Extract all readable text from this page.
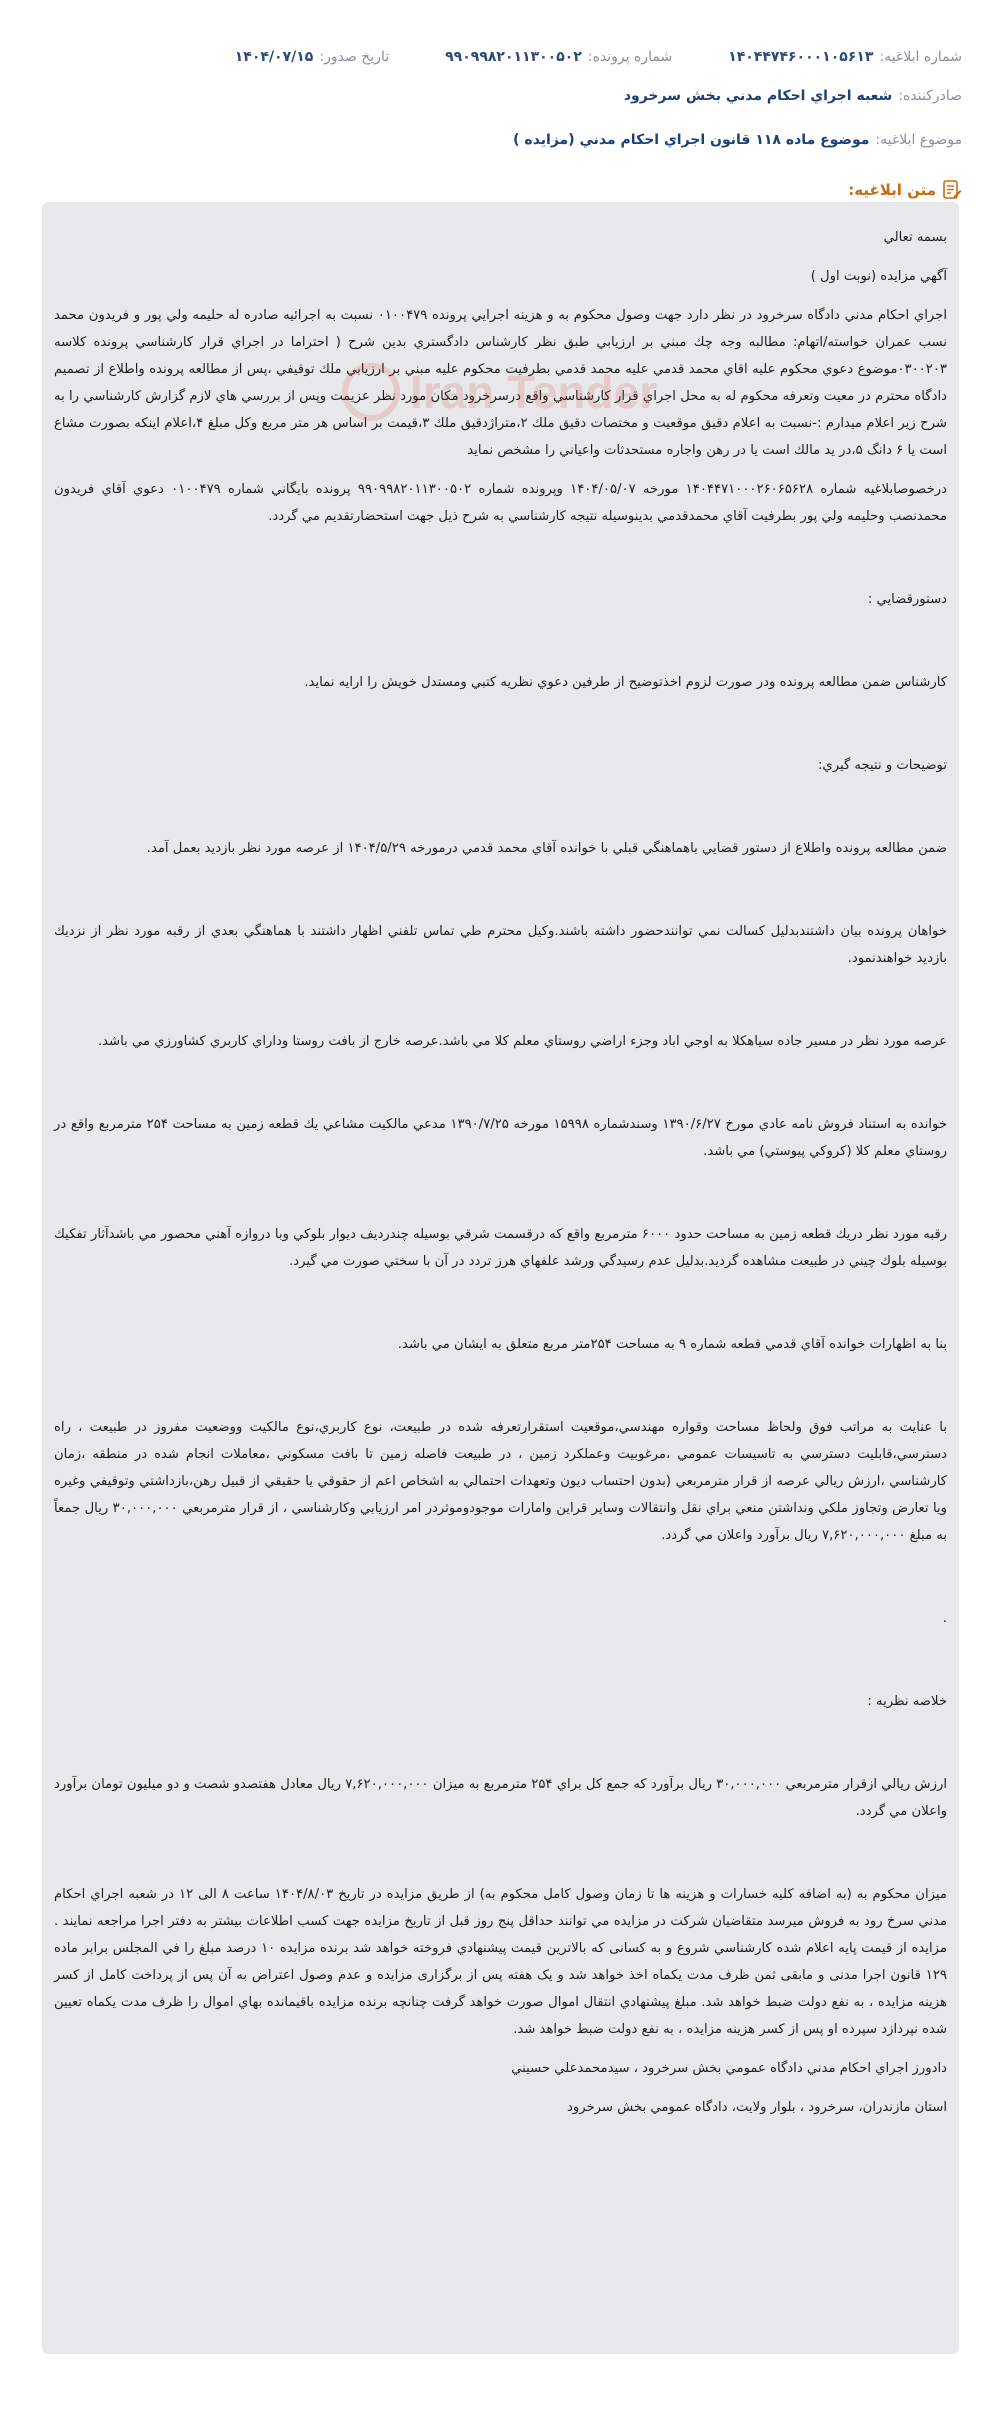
شماره ابلاغیه:
۱۴۰۴۴۷۴۶۰۰۰۱۰۵۶۱۳
شماره پرونده:
۹۹۰۹۹۸۲۰۱۱۳۰۰۵۰۲
تاریخ صدور:
۱۴۰۴/۰۷/۱۵
صادرکننده:
شعبه اجراي احكام مدني بخش سرخرود
موضوع ابلاغیه:
موضوع ماده ۱۱۸ قانون اجراي احكام مدني (مزايده )
متن ابلاغیه:
Iran Tender

بسمه تعالي

آگهي مزايده (نوبت اول )

اجراي احكام مدني دادگاه سرخرود در نظر دارد جهت وصول محكوم به و هزينه اجرايي پرونده ۰۱۰۰۴۷۹ نسبت به اجرائيه صادره له حليمه ولي پور و فريدون محمد نسب عمران خواسته/اتهام: مطالبه وجه چك مبني بر ارزيابي طبق نظر كارشناس دادگستري بدين شرح ( احتراما در اجراي قرار كارشناسي پرونده كلاسه ۰۳۰۰۲۰۳موضوع دعوي محكوم عليه اقاي محمد قدمي عليه محمد قدمي بطرفيت محكوم عليه مبني بر ارزيابي ملك توقيفي ،پس از مطالعه پرونده واطلاع از تصميم دادگاه محترم در معيت وتعرفه محكوم له به محل اجراي قرار كارشناسي واقع درسرخرود مكان مورد نظر عزيمت وپس از بررسي هاي لازم گزارش كارشناسي را به شرح زير اعلام ميدارم :-نسبت به اعلام دقيق موقعيت و مختصات دقيق ملك ۲،متراژدقيق ملك ۳،قيمت بر اساس هر متر مربع وكل مبلغ ۴،اعلام اينكه بصورت مشاع است يا ۶ دانگ ۵،در يد مالك است يا در رهن واجاره مستحدثات واعياني را مشخص نمايد

درخصوصابلاغيه شماره ۱۴۰۴۴۷۱۰۰۰۲۶۰۶۵۶۲۸ مورخه ۱۴۰۴/۰۵/۰۷ وپرونده شماره ۹۹۰۹۹۸۲۰۱۱۳۰۰۵۰۲ پرونده بايگاني شماره ۰۱۰۰۴۷۹ دعوي آقاي فريدون محمدنصب وحليمه ولي پور بطرفيت آقاي محمدقدمي بدينوسيله نتيجه كارشناسي به شرح ذيل جهت استحضارتقديم مي گردد.

دستورقضايي :

كارشناس ضمن مطالعه پرونده ودر صورت لزوم اخذتوضيح از طرفين دعوي نظريه كتبي ومستدل خويش را ارايه نمايد.

توضيحات و نتيجه گيري:

ضمن مطالعه پرونده واطلاع از دستور قضايي باهماهنگي قبلي با خوانده آقاي محمد قدمي درمورخه ۱۴۰۴/۵/۲۹ از عرصه مورد نظر بازديد بعمل آمد.

خواهان پرونده بيان داشتندبدليل كسالت نمي توانندحضور داشته باشند.وكيل محترم طي تماس تلفني اظهار داشتند با هماهنگي بعدي از رقبه مورد نظر از نزديك بازديد خواهندنمود.

عرصه مورد نظر در مسير جاده سياهكلا به اوجي اباد وجزء اراضي روستاي معلم كلا مي باشد.عرصه خارج از بافت روستا وداراي كاربري كشاورزي مي باشد.

خوانده به استناد فروش نامه عادي مورخ ۱۳۹۰/۶/۲۷ وسندشماره ۱۵۹۹۸ مورخه ۱۳۹۰/۷/۲۵ مدعي مالكيت مشاعي يك قطعه زمين به مساحت ۲۵۴ مترمربع واقع در روستاي معلم كلا (كروكي پيوستي) مي باشد.

رقبه مورد نظر دريك قطعه زمين به مساحت حدود ۶۰۰۰ مترمربع واقع كه درقسمت شرقي بوسيله چندرديف ديوار بلوكي وبا دروازه آهني محصور مي باشدآثار تفكيك بوسيله بلوك چيني در طبيعت مشاهده گرديد.بدليل عدم رسيدگي ورشد علفهاي هرز تردد در آن با سختي صورت مي گيرد.

بنا به اظهارات خوانده آقاي قدمي قطعه شماره ۹ به مساحت ۲۵۴متر مربع متعلق به ايشان مي باشد.

با عنايت به مراتب فوق ولحاظ مساحت وقواره مهندسي،موقعيت استقرارتعرفه شده در طبيعت، نوع كاربري،نوع مالكيت ووضعيت مفروز در طبيعت ، راه دسترسي،قابليت دسترسي به تاسيسات عمومي ،مرغوبيت وعملكرد زمين ، در طبيعت فاصله زمين تا بافت مسكوني ،معاملات انجام شده در منطقه ،زمان كارشناسي ،ارزش ريالي عرصه از قرار مترمربعي (بدون احتساب ديون وتعهدات احتمالي به اشخاص اعم از حقوقي يا حقيقي از قبيل رهن،بازداشتي وتوقيفي وغيره ويا تعارض وتجاوز ملكي ونداشتن منعي براي نقل وانتقالات وساير قراين وامارات موجودوموثردر امر ارزيابي وكارشناسي ، از قرار مترمربعي ۳۰,۰۰۰,۰۰۰ ريال جمعاً به مبلغ ۷,۶۲۰,۰۰۰,۰۰۰ ريال برآورد واعلان مي گردد.

.

خلاصه نظريه :

ارزش ريالي ازقرار مترمربعي ۳۰,۰۰۰,۰۰۰ ريال برآورد كه جمع كل براي ۲۵۴ مترمربع به ميزان ۷,۶۲۰,۰۰۰,۰۰۰ ريال معادل هفتصدو شصت و دو ميليون تومان برآورد واعلان مي گردد.

ميزان محكوم به (به اضافه كليه خسارات و هزينه ها تا زمان وصول كامل محكوم به) از طريق مزايده در تاريخ ۱۴۰۴/۸/۰۳ ساعت ۸ الی ۱۲ در شعبه اجراي احكام مدني سرخ رود به فروش ميرسد متقاضيان شركت در مزايده مي توانند حداقل پنج روز قبل از تاريخ مزايده جهت كسب اطلاعات بيشتر به دفتر اجرا مراجعه نمايند . مزايده از قيمت پايه اعلام شده كارشناسي شروع و به كسانی كه بالاترين قيمت پيشنهادي فروخته خواهد شد برنده مزايده ۱۰ درصد مبلغ را في المجلس برابر ماده ۱۲۹ قانون اجرا مدنی و مابقی ثمن ظرف مدت يكماه اخذ خواهد شد و يک هفته پس از برگزاری مزايده و عدم وصول اعتراض به آن پس از پرداخت کامل از کسر هزينه مزايده ، به نفع دولت ضبط خواهد شد. مبلغ پيشنهادي انتقال اموال صورت خواهد گرفت چنانچه برنده مزايده باقيمانده بهاي اموال را ظرف مدت يكماه تعيين شده نپردازد سپرده او پس از كسر هزينه مزايده ، به نفع دولت ضبط خواهد شد.

دادورز اجراي احكام مدني دادگاه عمومي بخش سرخرود ، سيدمحمدعلي حسيني

استان مازندران، سرخرود ، بلوار ولايت، دادگاه عمومي بخش سرخرود
